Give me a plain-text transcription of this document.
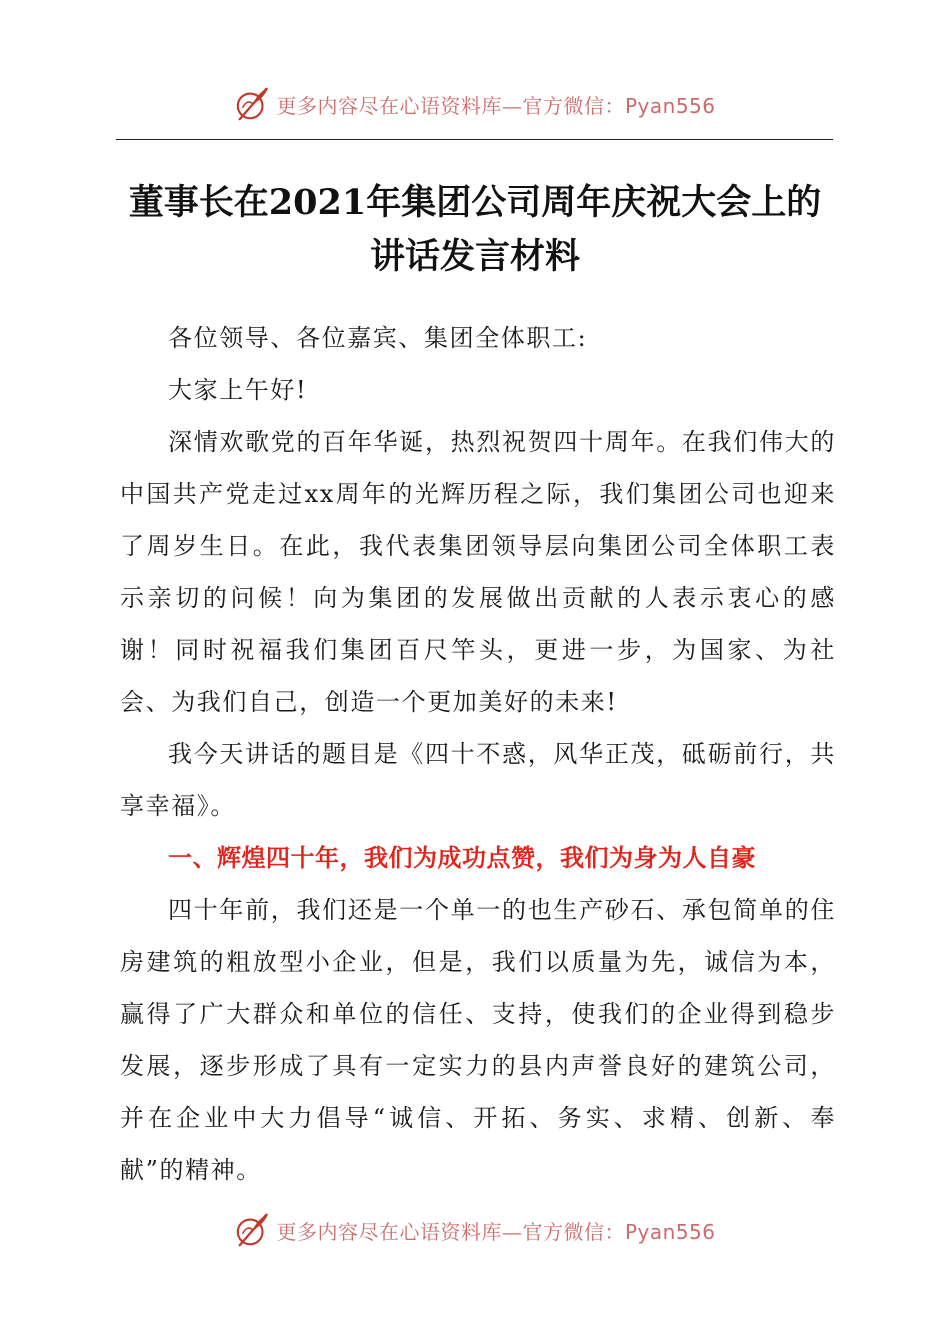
更多内容尽在心语资料库—官方微信：Pyan556
董事长在2021年集团公司周年庆祝大会上的
讲话发言材料

各位领导、各位嘉宾、集团全体职工:

大家上午好!

深情欢歌党的百年华诞，热烈祝贺四十周年。在我们伟大的中国共产党走过xx周年的光辉历程之际，我们集团公司也迎来了周岁生日。在此，我代表集团领导层向集团公司全体职工表示亲切的问候！向为集团的发展做出贡献的人表示衷心的感谢！同时祝福我们集团百尺竿头，更进一步，为国家、为社会、为我们自己，创造一个更加美好的未来!

我今天讲话的题目是《四十不惑，风华正茂，砥砺前行，共享幸福》。

一、辉煌四十年，我们为成功点赞，我们为身为人自豪

四十年前，我们还是一个单一的也生产砂石、承包简单的住房建筑的粗放型小企业，但是，我们以质量为先，诚信为本，赢得了广大群众和单位的信任、支持，使我们的企业得到稳步发展，逐步形成了具有一定实力的县内声誉良好的建筑公司，并在企业中大力倡导“诚信、开拓、务实、求精、创新、奉献”的精神。

更多内容尽在心语资料库—官方微信：Pyan556
